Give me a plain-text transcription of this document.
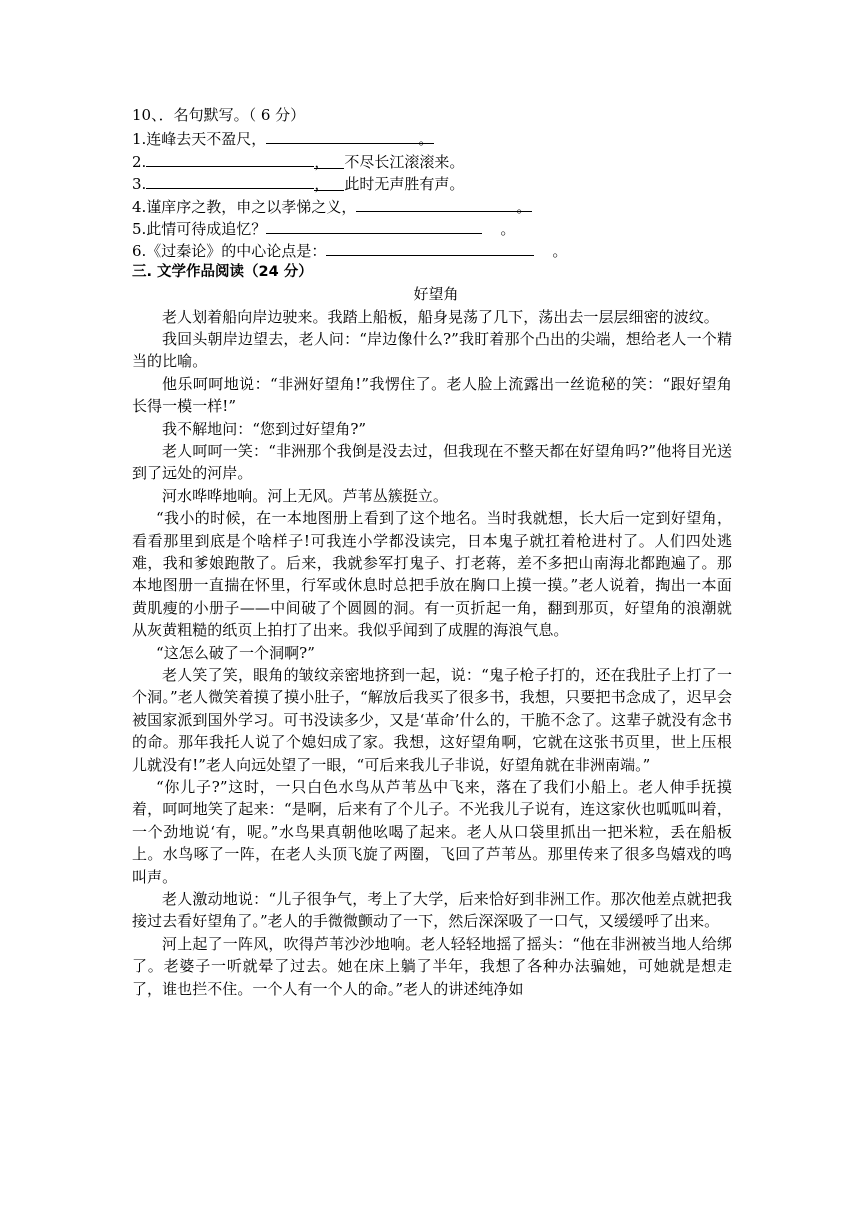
10、．名句默写。（ 6 分）
1.连峰去天不盈尺，	。
2.	， 不尽长江滚滚来。
3.	， 此时无声胜有声。
4.谨庠序之教，申之以孝悌之义，	。
5.此情可待成追忆？	。
6.《过秦论》的中心论点是：	。
三. 文学作品阅读（24 分）
好望角

老人划着船向岸边驶来。我踏上船板，船身晃荡了几下，荡出去一层层细密的波纹。

我回头朝岸边望去，老人问：“岸边像什么?”我盯着那个凸出的尖端，想给老人一个精当的比喻。

他乐呵呵地说：“非洲好望角!”我愣住了。老人脸上流露出一丝诡秘的笑：“跟好望角长得一模一样!”

我不解地问：“您到过好望角?”

老人呵呵一笑：“非洲那个我倒是没去过，但我现在不整天都在好望角吗?”他将目光送到了远处的河岸。

河水哗哗地响。河上无风。芦苇丛簇挺立。

“我小的时候，在一本地图册上看到了这个地名。当时我就想，长大后一定到好望角，看看那里到底是个啥样子!可我连小学都没读完，日本鬼子就扛着枪进村了。人们四处逃难，我和爹娘跑散了。后来，我就参军打鬼子、打老蒋，差不多把山南海北都跑遍了。那本地图册一直揣在怀里，行军或休息时总把手放在胸口上摸一摸。”老人说着，掏出一本面黄肌瘦的小册子——中间破了个圆圆的洞。有一页折起一角，翻到那页，好望角的浪潮就从灰黄粗糙的纸页上拍打了出来。我似乎闻到了成腥的海浪气息。

“这怎么破了一个洞啊?”

老人笑了笑，眼角的皱纹亲密地挤到一起，说：“鬼子枪子打的，还在我肚子上打了一个洞。”老人微笑着摸了摸小肚子，“解放后我买了很多书，我想，只要把书念成了，迟早会被国家派到国外学习。可书没读多少，又是‘革命’什么的，干脆不念了。这辈子就没有念书的命。那年我托人说了个媳妇成了家。我想，这好望角啊，它就在这张书页里，世上压根儿就没有!”老人向远处望了一眼，“可后来我儿子非说，好望角就在非洲南端。”

“你儿子?”这时，一只白色水鸟从芦苇丛中飞来，落在了我们小船上。老人伸手抚摸着，呵呵地笑了起来：“是啊，后来有了个儿子。不光我儿子说有，连这家伙也呱呱叫着，一个劲地说‘有，呢。”水鸟果真朝他吆喝了起来。老人从口袋里抓出一把米粒，丢在船板上。水鸟啄了一阵，在老人头顶飞旋了两圈，飞回了芦苇丛。那里传来了很多鸟嬉戏的鸣叫声。

老人激动地说：“儿子很争气，考上了大学，后来恰好到非洲工作。那次他差点就把我接过去看好望角了。”老人的手微微颤动了一下，然后深深吸了一口气，又缓缓呼了出来。

河上起了一阵风，吹得芦苇沙沙地响。老人轻轻地摇了摇头：“他在非洲被当地人给绑了。老婆子一听就晕了过去。她在床上躺了半年，我想了各种办法骗她，可她就是想走了，谁也拦不住。一个人有一个人的命。”老人的讲述纯净如
